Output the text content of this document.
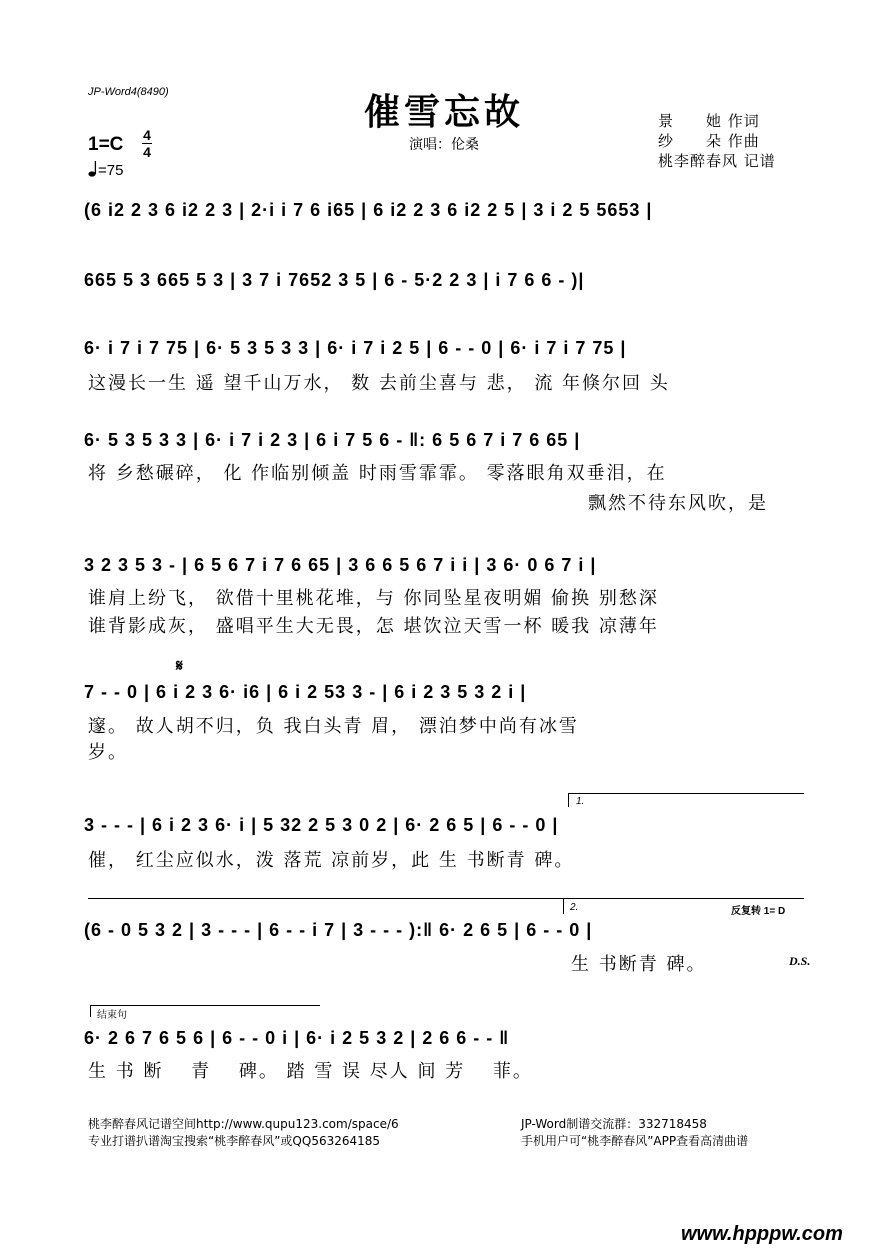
JP-Word4(8490)	催雪忘故
演唱：伦桑
景　　她 作词
纱　　朵 作曲
桃李醉春风 记谱
1=C 4
4
=75
(6 i2 2 3 6 i2 2 3 | 2·i i 7 6 i65 | 6 i2 2 3 6 i2 2 5 | 3 i 2 5 5653 |
665 5 3 665 5 3 | 3 7 i 7652 3 5 | 6 - 5·2 2 3 | i 7 6 6 - )|
6· i 7 i 7 75 | 6· 5 3 5 3 3 | 6· i 7 i 2 5 | 6 - - 0 | 6· i 7 i 7 75 |
这漫长一生 遥 望千山万水， 数 去前尘喜与 悲， 流 年倏尔回 头
6· 5 3 5 3 3 | 6· i 7 i 2 3 | 6 i 7 5 6 - ‖: 6 5 6 7 i 7 6 65 |
将 乡愁碾碎， 化 作临别倾盖 时雨雪霏霏。 零落眼角双垂泪，在
飘然不待东风吹，是
3 2 3 5 3 - | 6 5 6 7 i 7 6 65 | 3 6 6 5 6 7 i i | 3 6· 0 6 7 i |
谁肩上纷飞， 欲借十里桃花堆，与 你同坠星夜明媚 偷换 别愁深
谁背影成灰， 盛唱平生大无畏，怎 堪饮泣天雪一杯 暖我 凉薄年
𝄋
7 - - 0 | 6 i 2 3 6· i6 | 6 i 2 53 3 - | 6 i 2 3 5 3 2 i |
邃。 故人胡不归，负 我白头青 眉， 漂泊梦中尚有冰雪
岁。
1.
3 - - - | 6 i 2 3 6· i | 5 32 2 5 3 0 2 | 6· 2 6 5 | 6 - - 0 |
催， 红尘应似水，泼 落荒 凉前岁，此 生 书断青 碑。
2.	反复转 1= D
(6 - 0 5 3 2 | 3 - - - | 6 - - i 7 | 3 - - - ):‖ 6· 2 6 5 | 6 - - 0 |
生 书断青 碑。	D.S.
结束句
6· 2 6 7 6 5 6 | 6 - - 0 i | 6· i 2 5 3 2 | 2 6 6 - - ‖
生 书 断　 青　 碑。 踏 雪 误 尽人 间 芳　 菲。
桃李醉春风记谱空间http://www.qupu123.com/space/6
专业打谱扒谱淘宝搜索“桃李醉春风”或QQ563264185
JP-Word制谱交流群：332718458
手机用户可“桃李醉春风”APP查看高清曲谱
www.hpppw.com
